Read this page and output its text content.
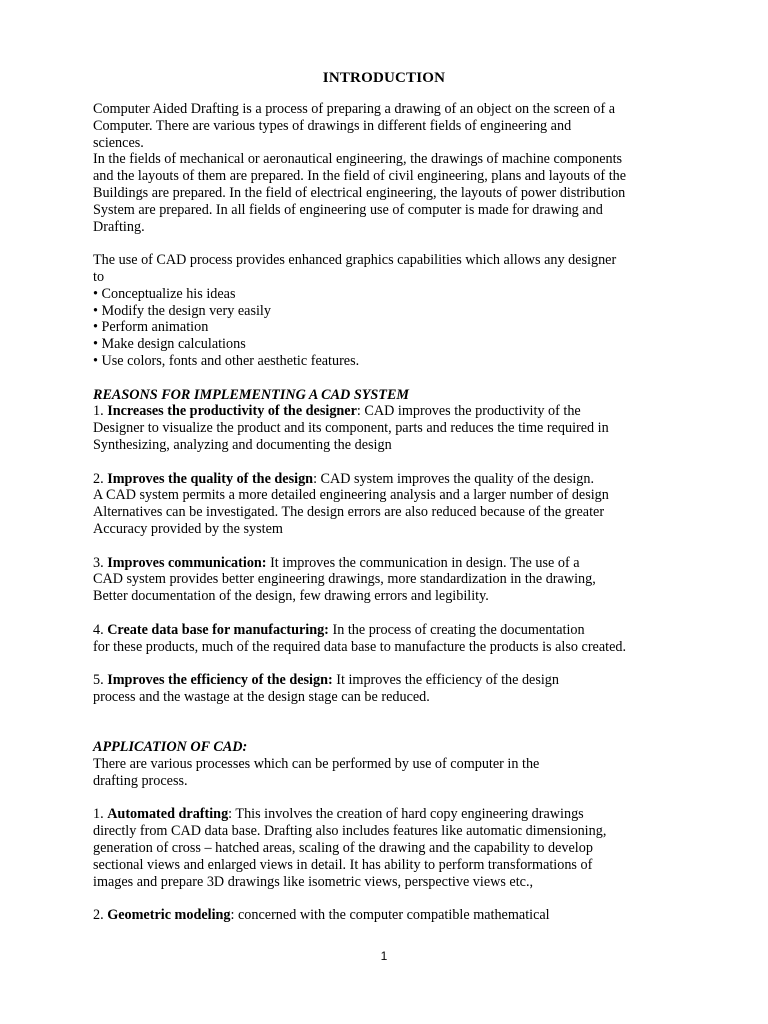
INTRODUCTION
Computer Aided Drafting is a process of preparing a drawing of an object on the screen of a
Computer. There are various types of drawings in different fields of engineering and
sciences.
In the fields of mechanical or aeronautical engineering, the drawings of machine components
and the layouts of them are prepared. In the field of civil engineering, plans and layouts of the
Buildings are prepared. In the field of electrical engineering, the layouts of power distribution
System are prepared. In all fields of engineering use of computer is made for drawing and
Drafting.
The use of CAD process provides enhanced graphics capabilities which allows any designer
to
• Conceptualize his ideas
• Modify the design very easily
• Perform animation
• Make design calculations
• Use colors, fonts and other aesthetic features.
REASONS FOR IMPLEMENTING A CAD SYSTEM
1. Increases the productivity of the designer: CAD improves the productivity of the
Designer to visualize the product and its component, parts and reduces the time required in
Synthesizing, analyzing and documenting the design
2. Improves the quality of the design: CAD system improves the quality of the design.
A CAD system permits a more detailed engineering analysis and a larger number of design
Alternatives can be investigated. The design errors are also reduced because of the greater
Accuracy provided by the system
3. Improves communication: It improves the communication in design. The use of a
CAD system provides better engineering drawings, more standardization in the drawing,
Better documentation of the design, few drawing errors and legibility.
4. Create data base for manufacturing: In the process of creating the documentation
for these products, much of the required data base to manufacture the products is also created.
5. Improves the efficiency of the design: It improves the efficiency of the design
process and the wastage at the design stage can be reduced.
APPLICATION OF CAD:
There are various processes which can be performed by use of computer in the
drafting process.
1. Automated drafting: This involves the creation of hard copy engineering drawings
directly from CAD data base. Drafting also includes features like automatic dimensioning,
generation of cross – hatched areas, scaling of the drawing and the capability to develop
sectional views and enlarged views in detail. It has ability to perform transformations of
images and prepare 3D drawings like isometric views, perspective views etc.,
2. Geometric modeling: concerned with the computer compatible mathematical
1
